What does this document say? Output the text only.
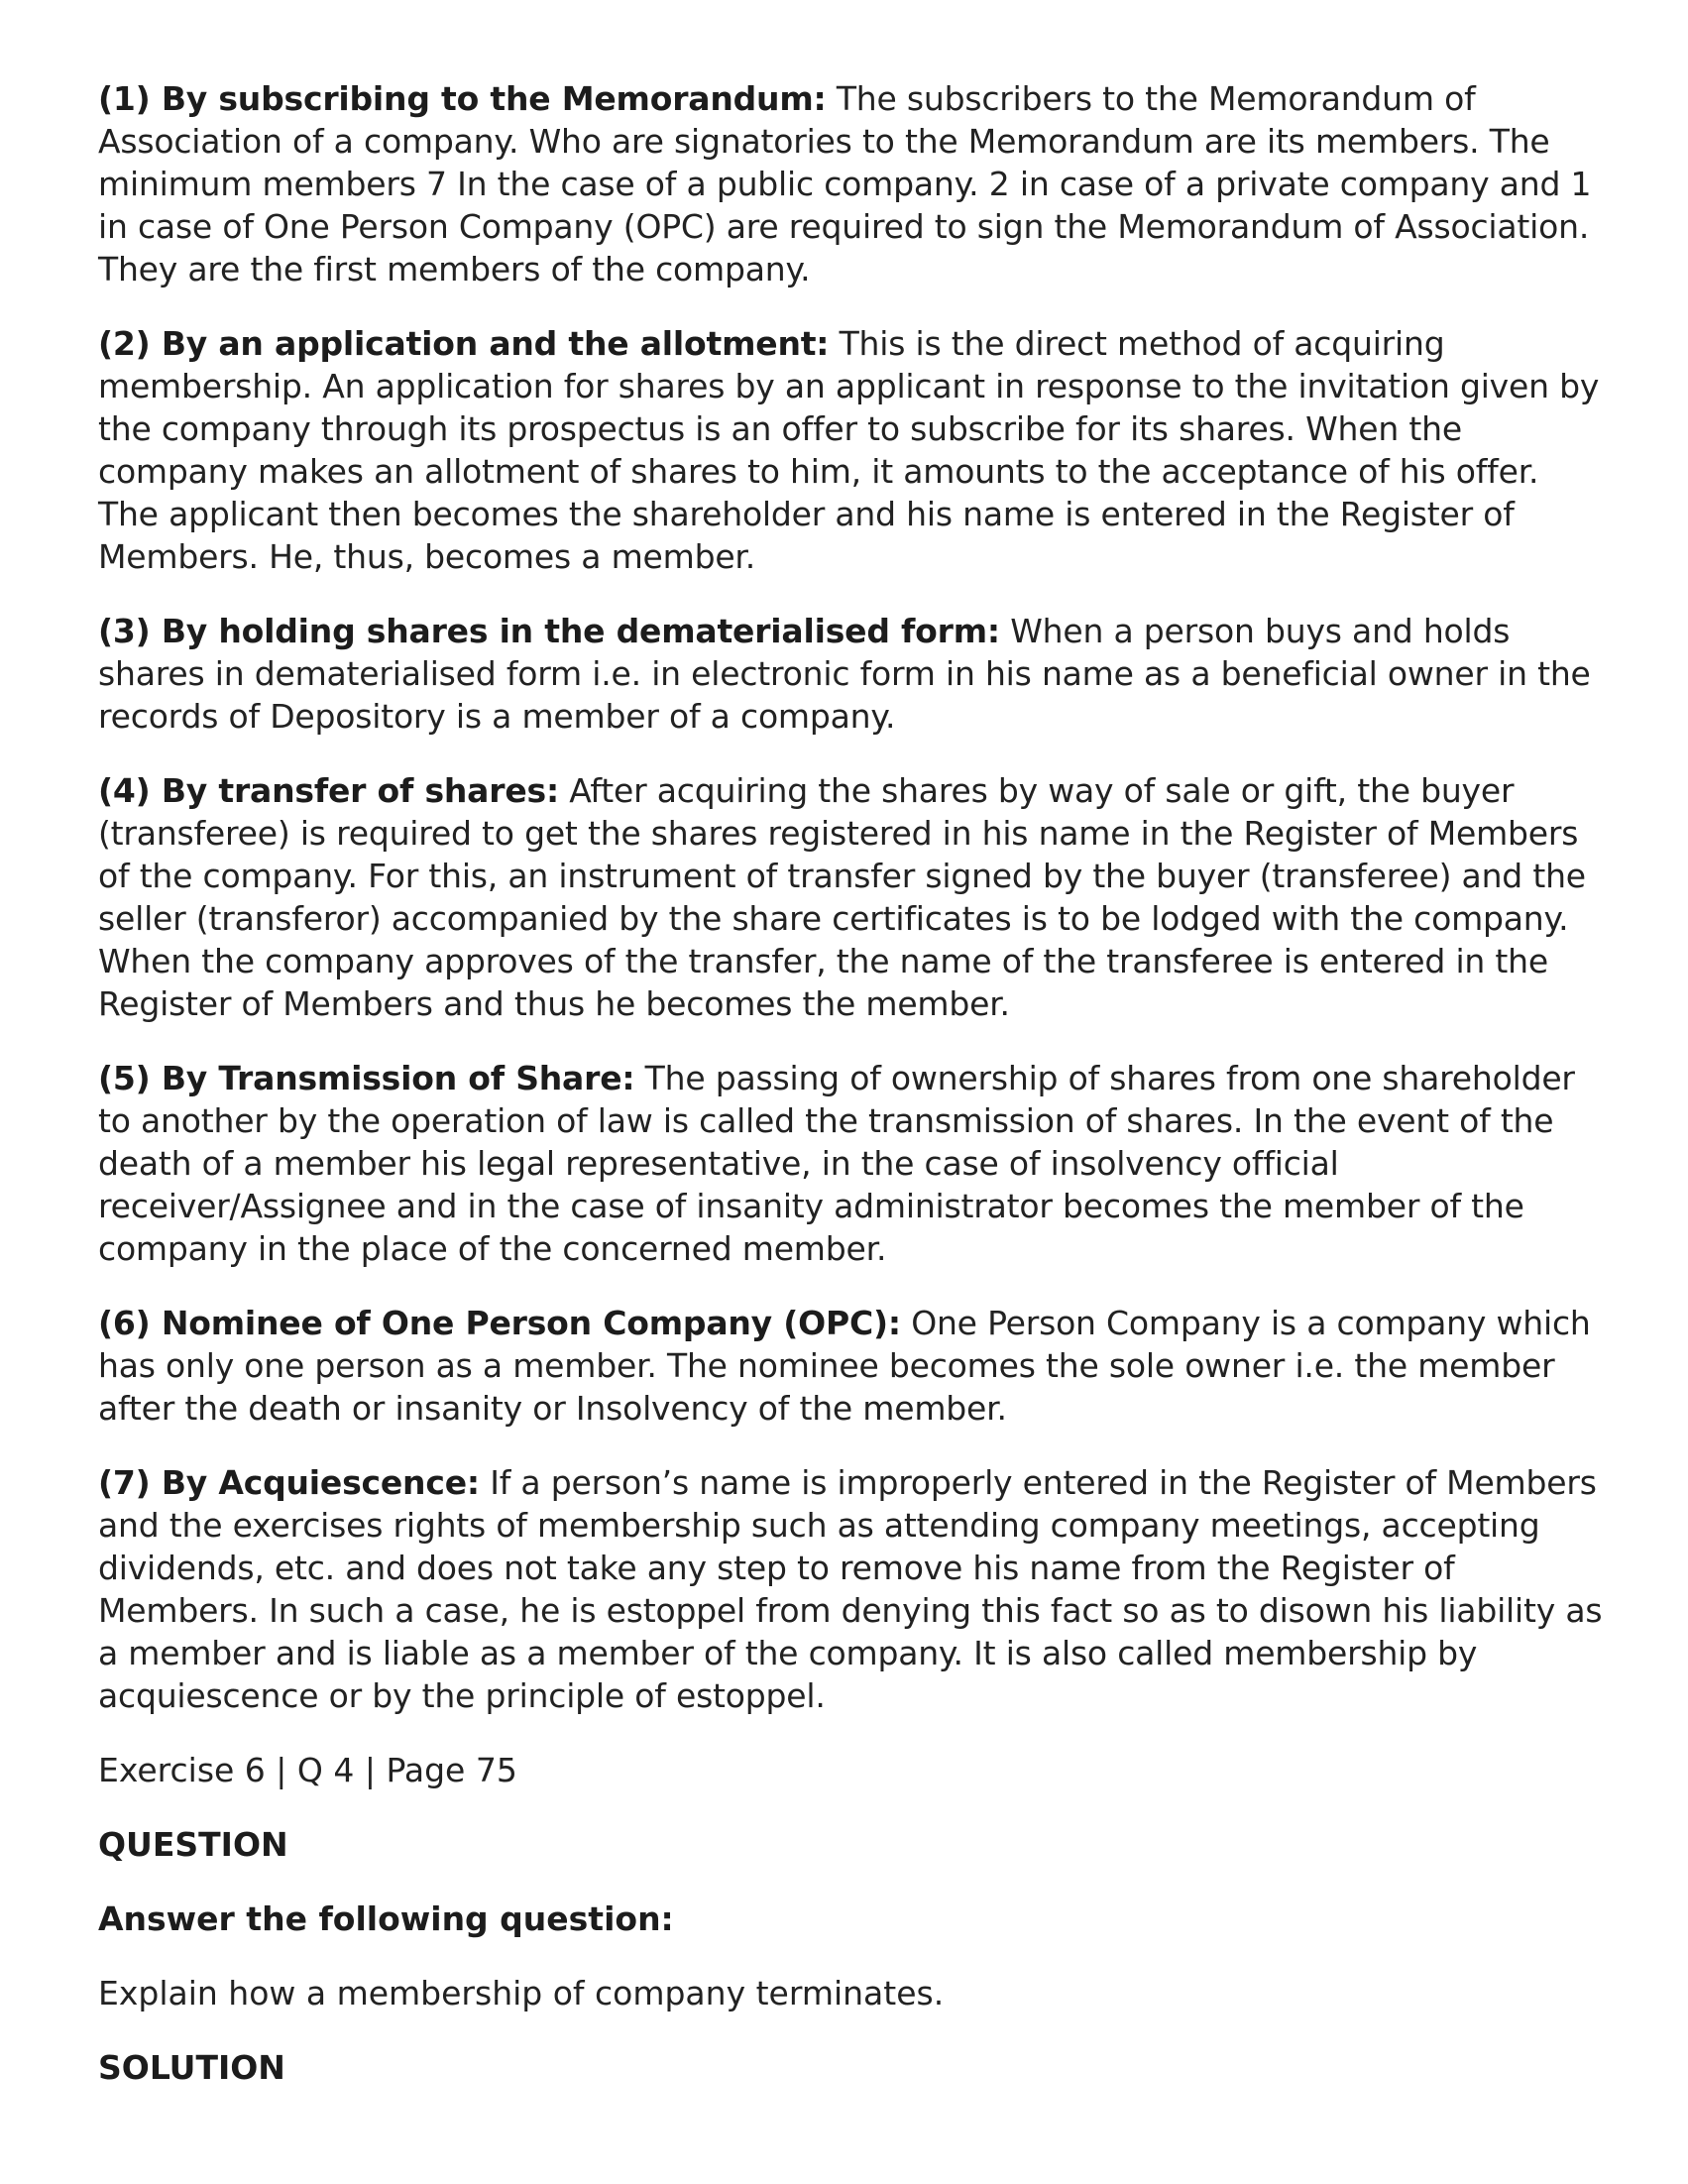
(1) By subscribing to the Memorandum: The subscribers to the Memorandum of Association of a company. Who are signatories to the Memorandum are its members. The minimum members 7 In the case of a public company. 2 in case of a private company and 1 in case of One Person Company (OPC) are required to sign the Memorandum of Association. They are the first members of the company.

(2) By an application and the allotment: This is the direct method of acquiring membership. An application for shares by an applicant in response to the invitation given by the company through its prospectus is an offer to subscribe for its shares. When the company makes an allotment of shares to him, it amounts to the acceptance of his offer. The applicant then becomes the shareholder and his name is entered in the Register of Members. He, thus, becomes a member.

(3) By holding shares in the dematerialised form: When a person buys and holds shares in dematerialised form i.e. in electronic form in his name as a beneficial owner in the records of Depository is a member of a company.

(4) By transfer of shares: After acquiring the shares by way of sale or gift, the buyer (transferee) is required to get the shares registered in his name in the Register of Members of the company. For this, an instrument of transfer signed by the buyer (transferee) and the seller (transferor) accompanied by the share certificates is to be lodged with the company. When the company approves of the transfer, the name of the transferee is entered in the Register of Members and thus he becomes the member.

(5) By Transmission of Share: The passing of ownership of shares from one shareholder to another by the operation of law is called the transmission of shares. In the event of the death of a member his legal representative, in the case of insolvency official receiver/Assignee and in the case of insanity administrator becomes the member of the company in the place of the concerned member.

(6) Nominee of One Person Company (OPC): One Person Company is a company which has only one person as a member. The nominee becomes the sole owner i.e. the member after the death or insanity or Insolvency of the member.

(7) By Acquiescence: If a person’s name is improperly entered in the Register of Members and the exercises rights of membership such as attending company meetings, accepting dividends, etc. and does not take any step to remove his name from the Register of Members. In such a case, he is estoppel from denying this fact so as to disown his liability as a member and is liable as a member of the company. It is also called membership by acquiescence or by the principle of estoppel.

Exercise 6 | Q 4 | Page 75

QUESTION

Answer the following question:

Explain how a membership of company terminates.

SOLUTION
